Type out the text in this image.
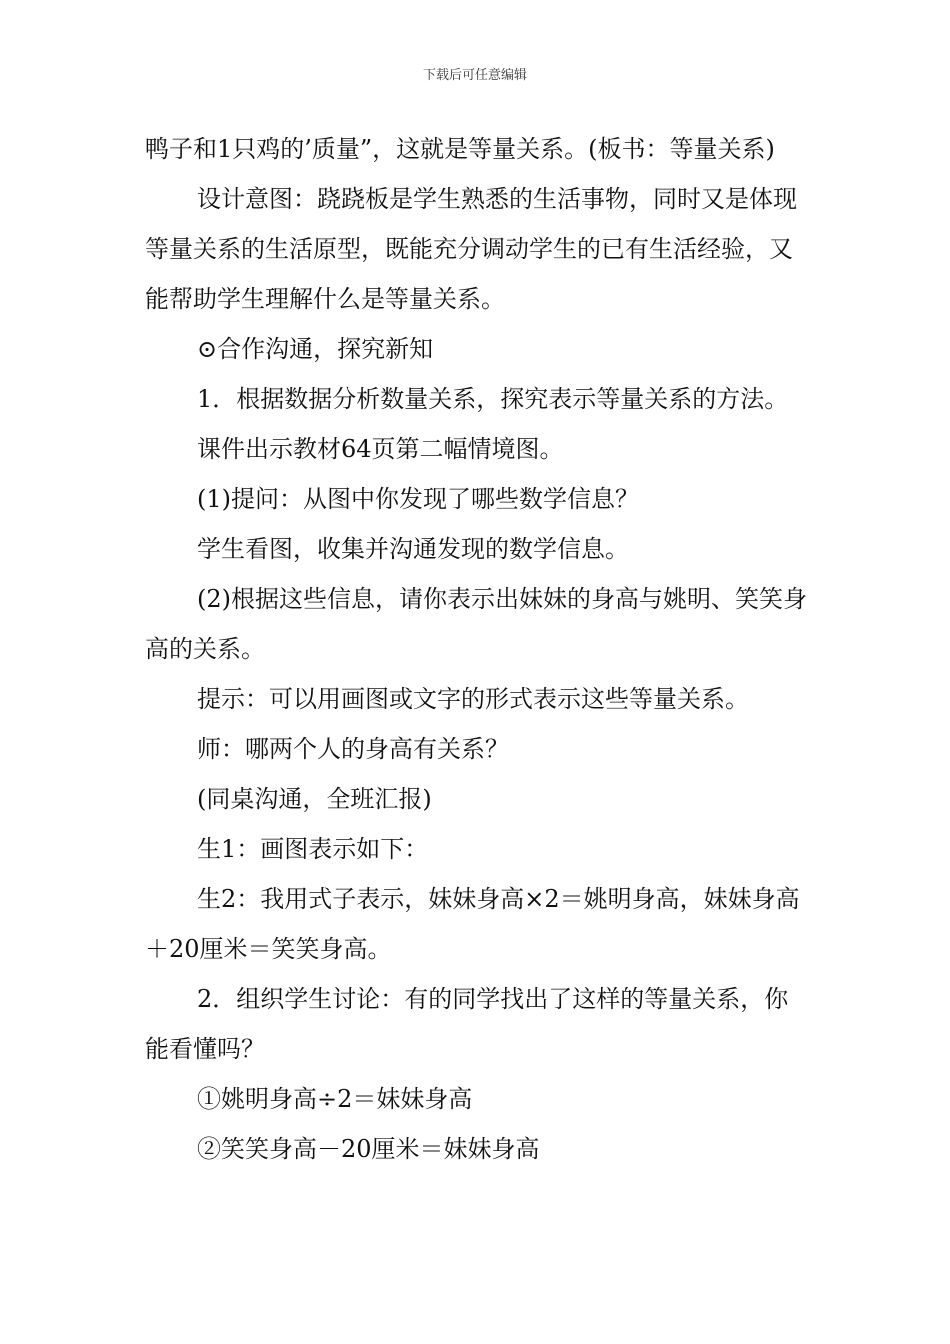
下载后可任意编辑

鸭子和1只鸡的’质量”，这就是等量关系。(板书：等量关系)

设计意图：跷跷板是学生熟悉的生活事物，同时又是体现等量关系的生活原型，既能充分调动学生的已有生活经验，又能帮助学生理解什么是等量关系。

⊙合作沟通，探究新知

1．根据数据分析数量关系，探究表示等量关系的方法。

课件出示教材64页第二幅情境图。

(1)提问：从图中你发现了哪些数学信息？

学生看图，收集并沟通发现的数学信息。

(2)根据这些信息，请你表示出妹妹的身高与姚明、笑笑身高的关系。

提示：可以用画图或文字的形式表示这些等量关系。

师：哪两个人的身高有关系？

(同桌沟通，全班汇报)

生1：画图表示如下：

生2：我用式子表示，妹妹身高×2＝姚明身高，妹妹身高＋20厘米＝笑笑身高。

2．组织学生讨论：有的同学找出了这样的等量关系，你能看懂吗？

①姚明身高÷2＝妹妹身高

②笑笑身高－20厘米＝妹妹身高
